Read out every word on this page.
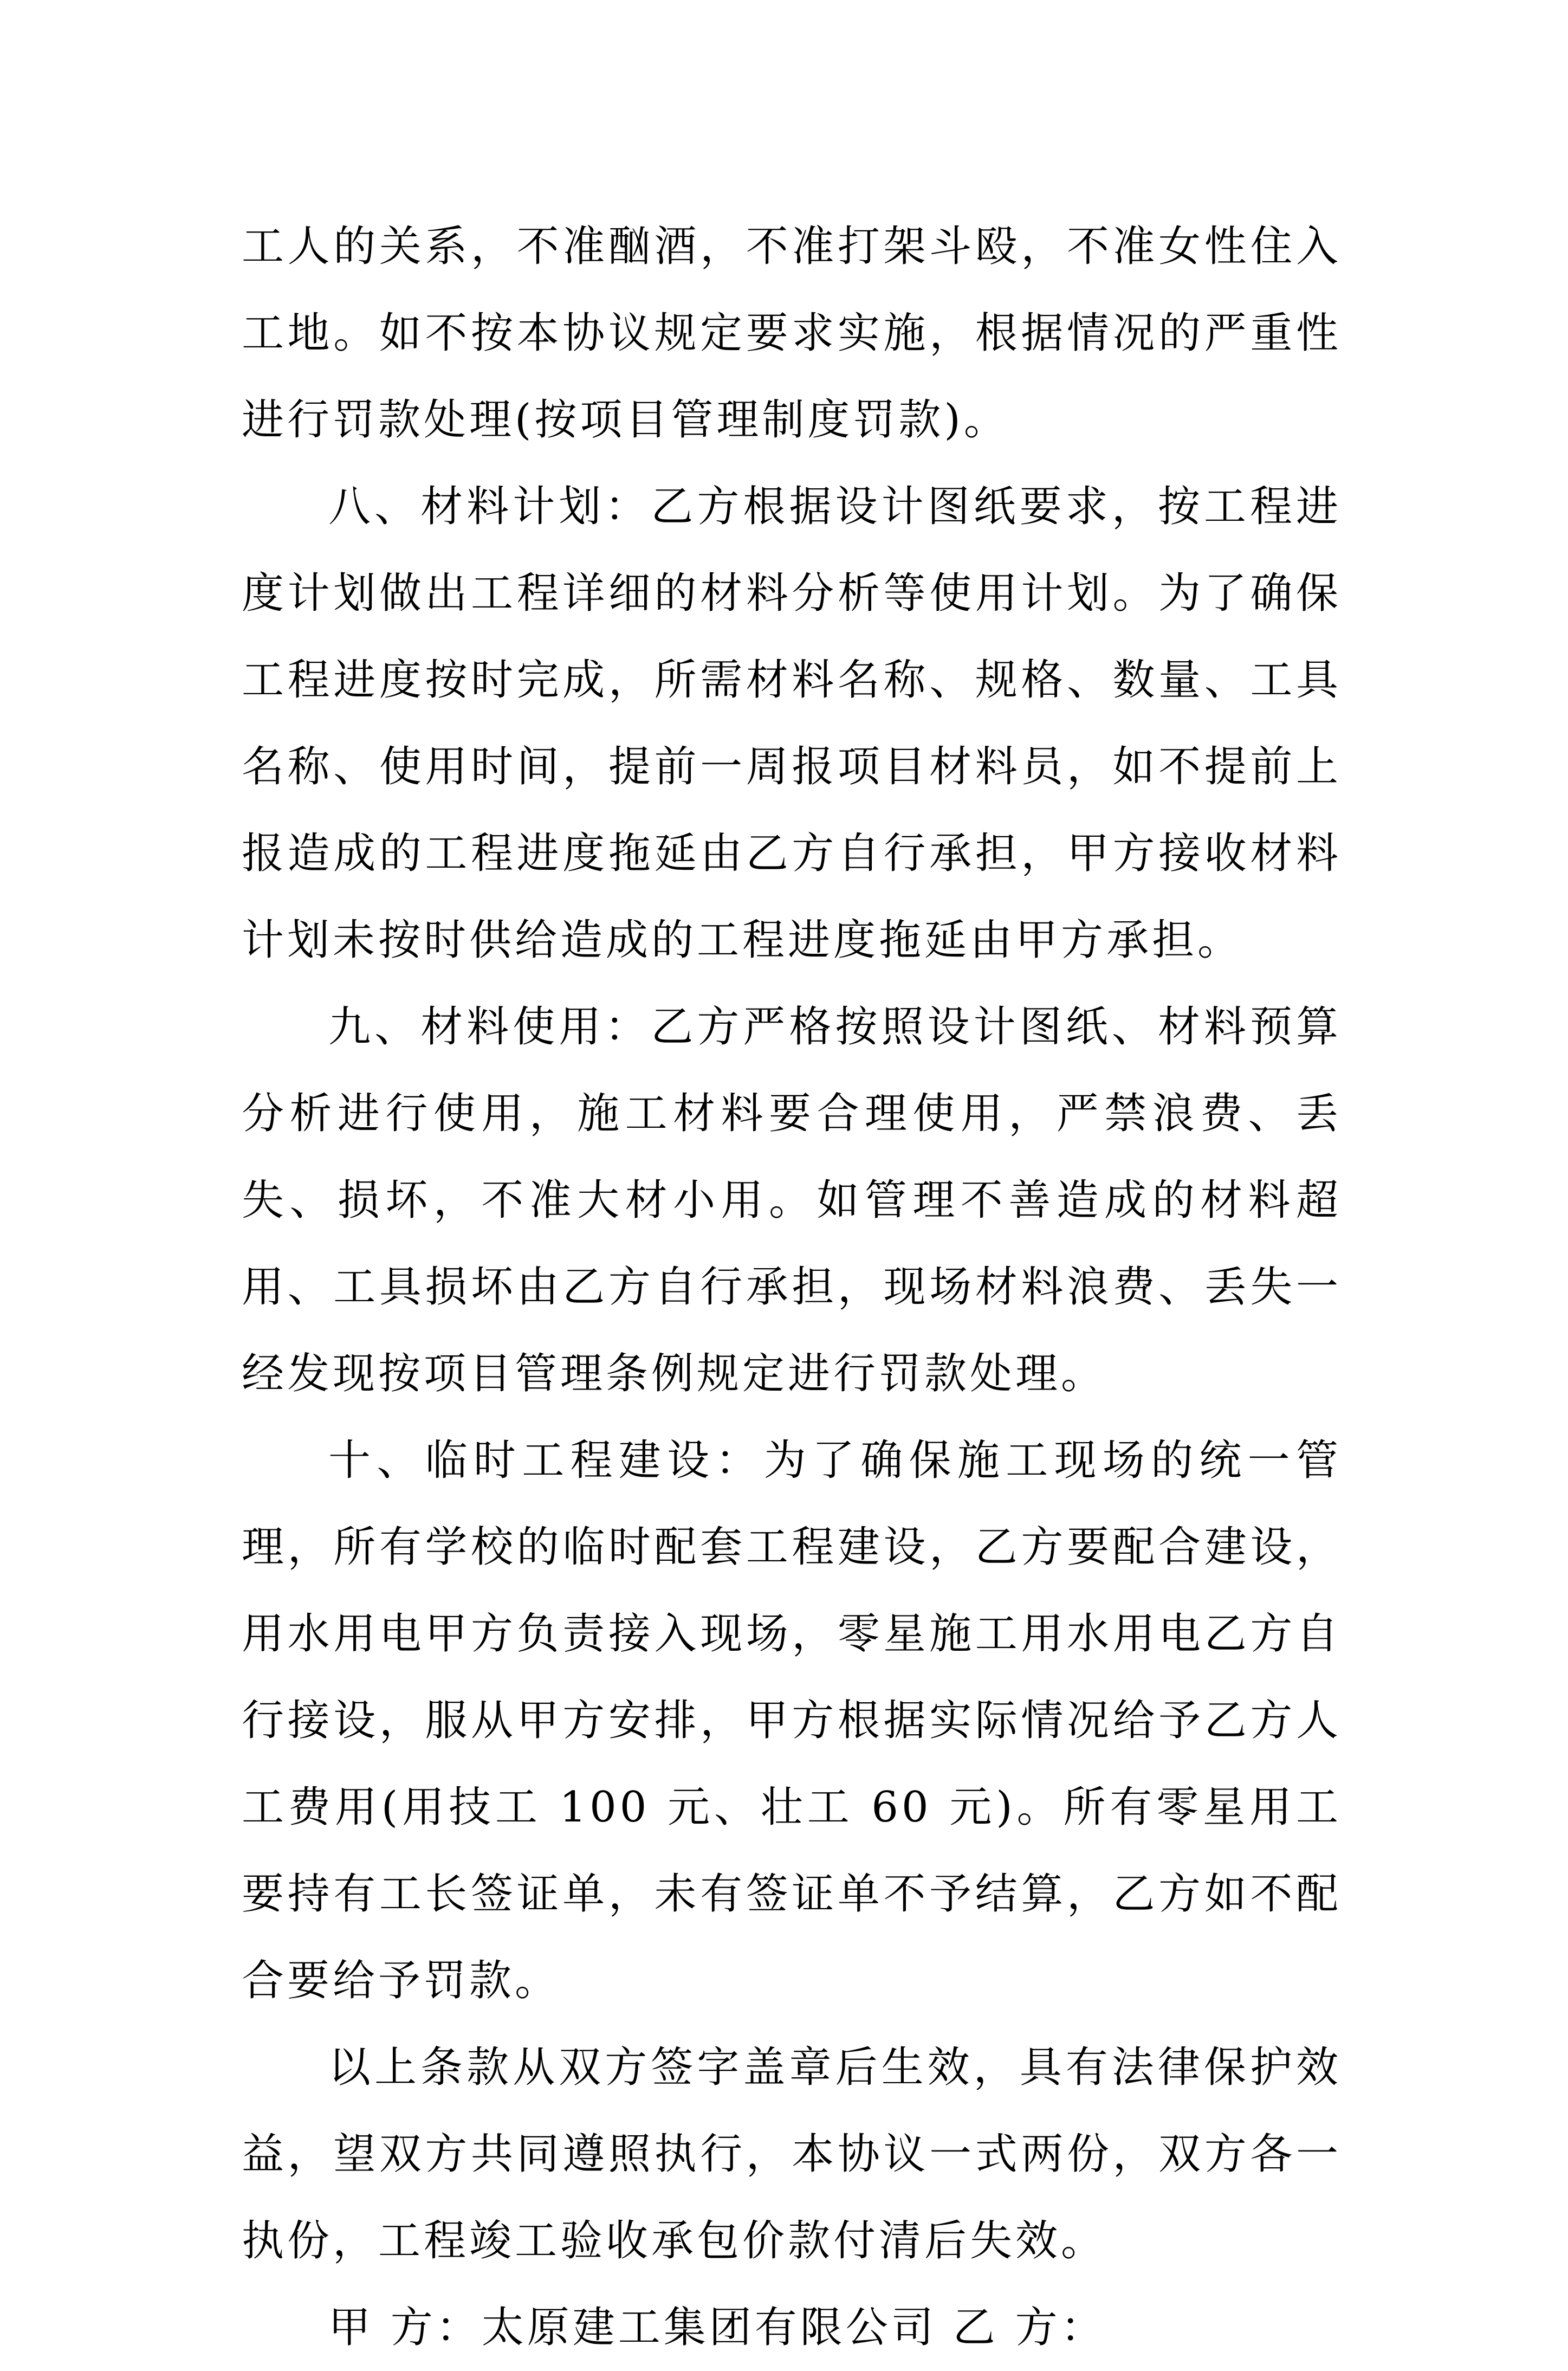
工人的关系，不准酗酒，不准打架斗殴，不准女性住入工地。如不按本协议规定要求实施，根据情况的严重性进行罚款处理(按项目管理制度罚款)。

八、材料计划：乙方根据设计图纸要求，按工程进度计划做出工程详细的材料分析等使用计划。为了确保工程进度按时完成，所需材料名称、规格、数量、工具名称、使用时间，提前一周报项目材料员，如不提前上报造成的工程进度拖延由乙方自行承担，甲方接收材料计划未按时供给造成的工程进度拖延由甲方承担。

九、材料使用：乙方严格按照设计图纸、材料预算分析进行使用，施工材料要合理使用，严禁浪费、丢失、损坏，不准大材小用。如管理不善造成的材料超用、工具损坏由乙方自行承担，现场材料浪费、丢失一经发现按项目管理条例规定进行罚款处理。

十、临时工程建设：为了确保施工现场的统一管理，所有学校的临时配套工程建设，乙方要配合建设，用水用电甲方负责接入现场，零星施工用水用电乙方自行接设，服从甲方安排，甲方根据实际情况给予乙方人工费用(用技工 100 元、壮工 60 元)。所有零星用工要持有工长签证单，未有签证单不予结算，乙方如不配合要给予罚款。

以上条款从双方签字盖章后生效，具有法律保护效益，望双方共同遵照执行，本协议一式两份，双方各一执份，工程竣工验收承包价款付清后失效。

甲 方：太原建工集团有限公司 乙 方：
